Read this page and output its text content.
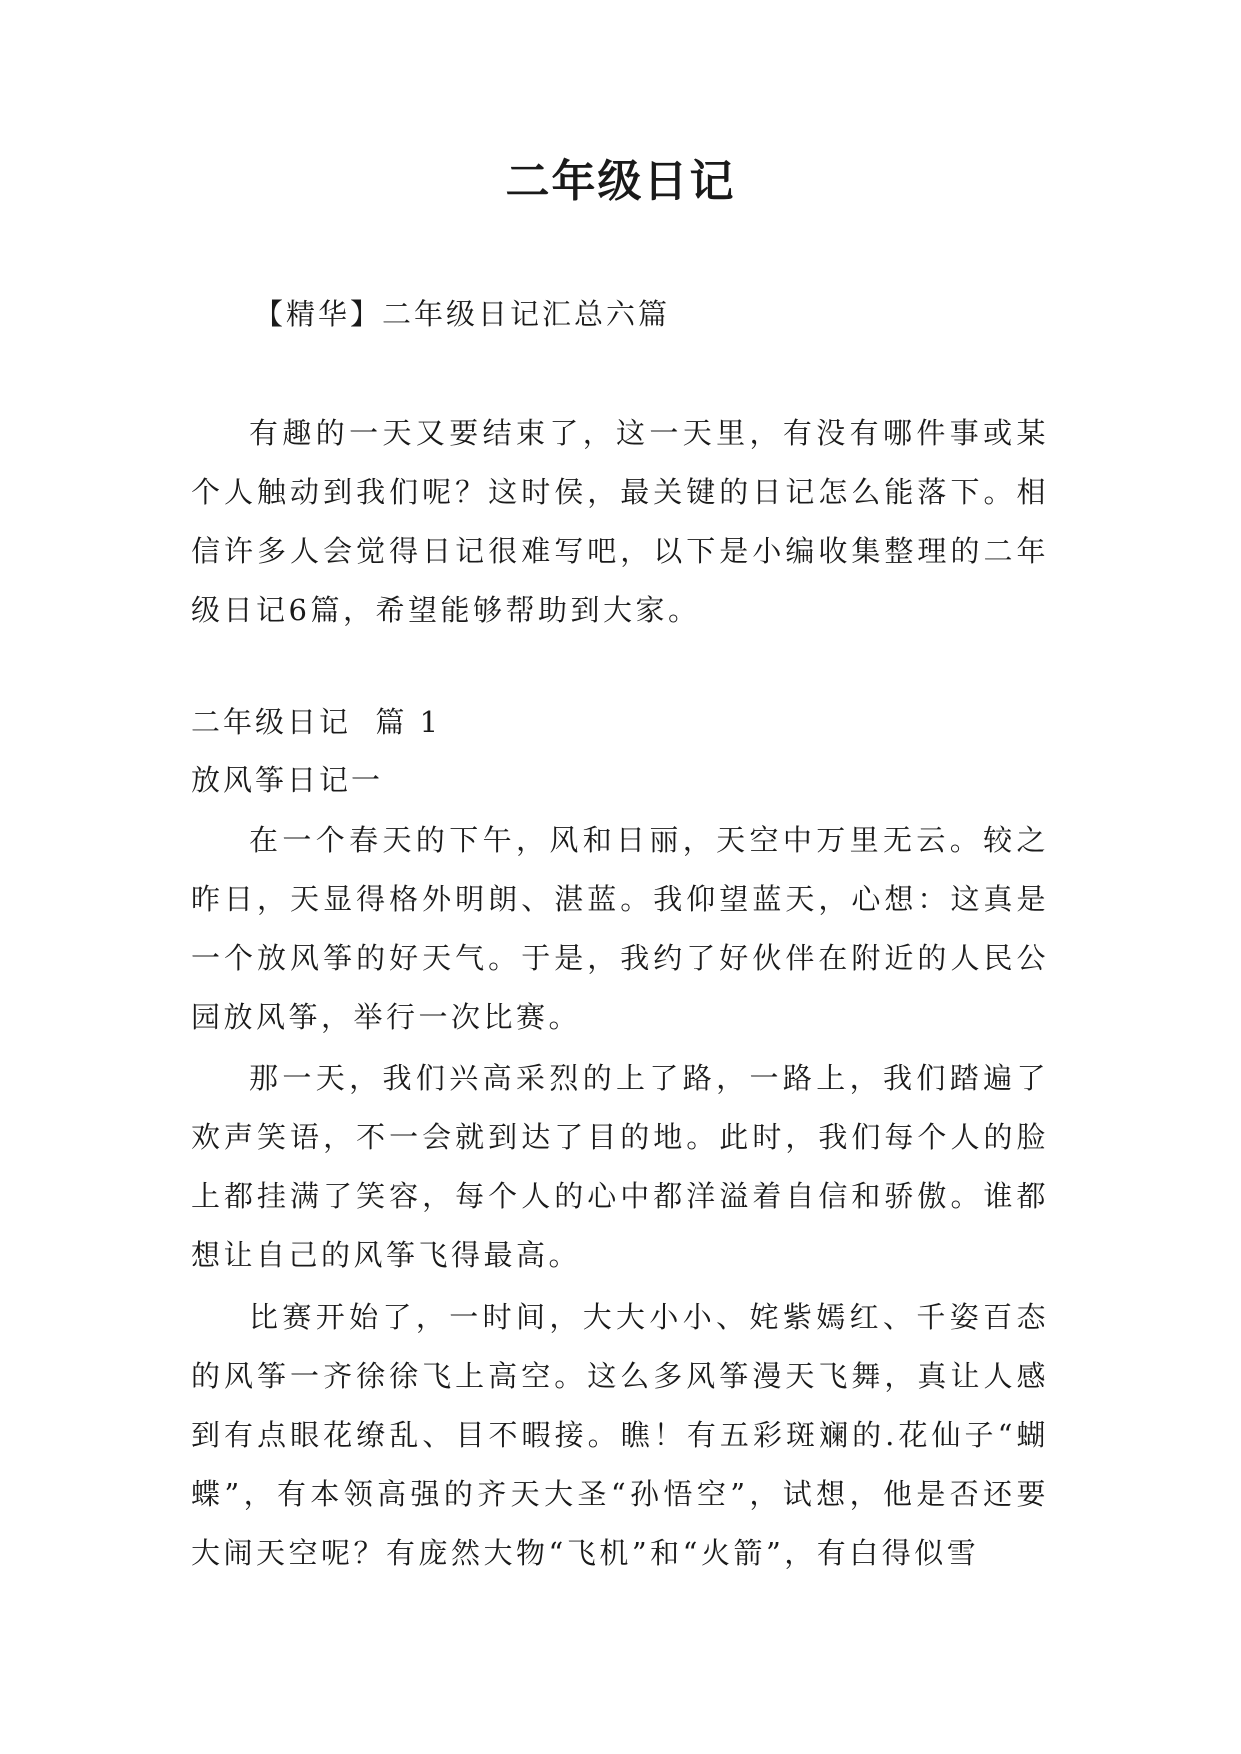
二年级日记

【精华】二年级日记汇总六篇

有趣的一天又要结束了，这一天里，有没有哪件事或某个人触动到我们呢？这时侯，最关键的日记怎么能落下。相信许多人会觉得日记很难写吧，以下是小编收集整理的二年级日记6篇，希望能够帮助到大家。

二年级日记  篇 1

放风筝日记一

在一个春天的下午，风和日丽，天空中万里无云。较之昨日，天显得格外明朗、湛蓝。我仰望蓝天，心想：这真是一个放风筝的好天气。于是，我约了好伙伴在附近的人民公园放风筝，举行一次比赛。

那一天，我们兴高采烈的上了路，一路上，我们踏遍了欢声笑语，不一会就到达了目的地。此时，我们每个人的脸上都挂满了笑容，每个人的心中都洋溢着自信和骄傲。谁都想让自己的风筝飞得最高。

比赛开始了，一时间，大大小小、姹紫嫣红、千姿百态的风筝一齐徐徐飞上高空。这么多风筝漫天飞舞，真让人感到有点眼花缭乱、目不暇接。瞧！有五彩斑斓的.花仙子“蝴蝶”，有本领高强的齐天大圣“孙悟空”，试想，他是否还要大闹天空呢？有庞然大物“飞机”和“火箭”，有白得似雪
